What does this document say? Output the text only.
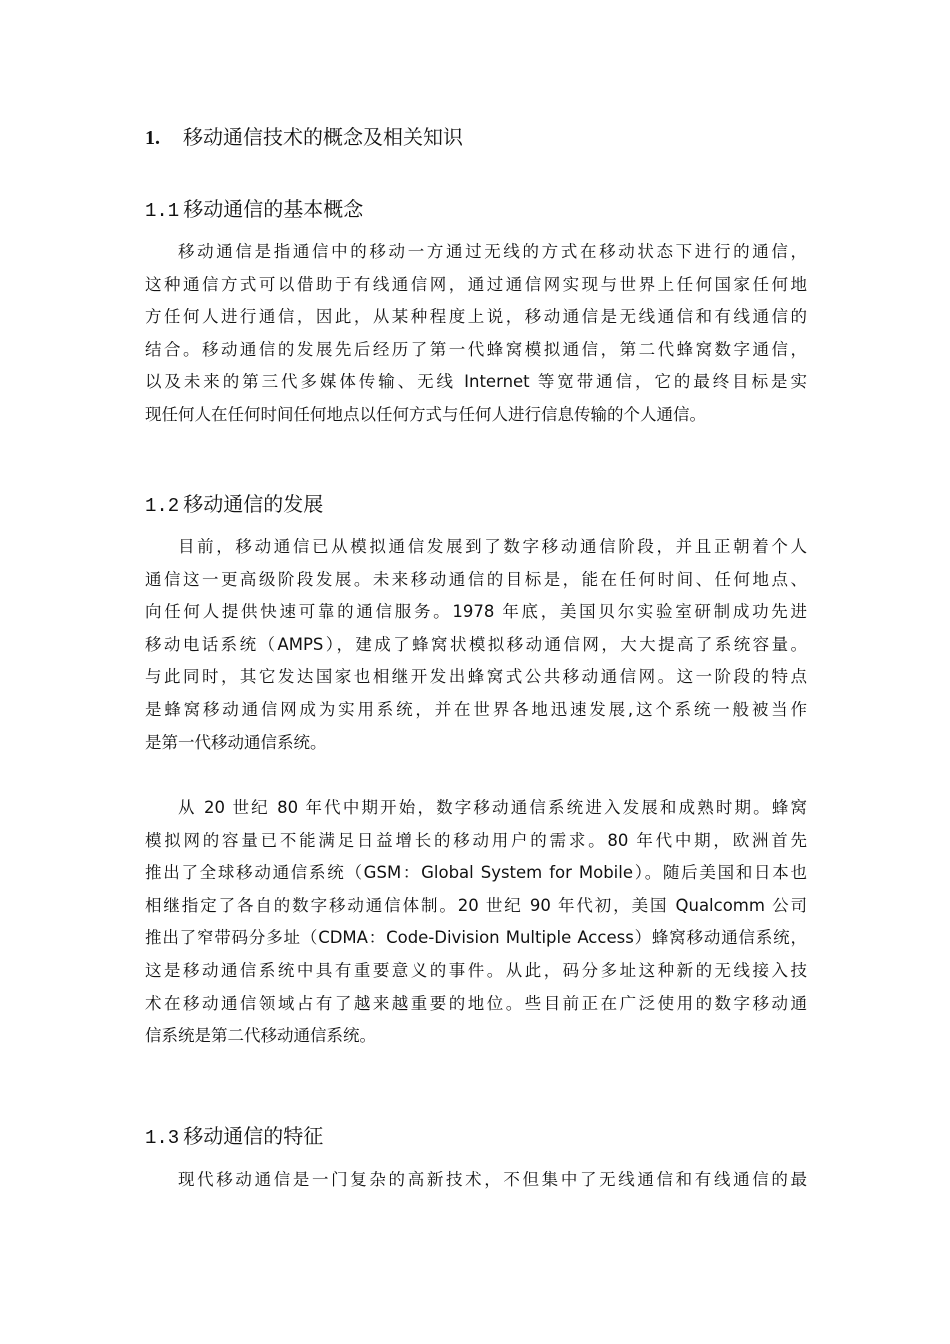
1. 移动通信技术的概念及相关知识
1.1 移动通信的基本概念
移动通信是指通信中的移动一方通过无线的方式在移动状态下进行的通信，
这种通信方式可以借助于有线通信网，通过通信网实现与世界上任何国家任何地
方任何人进行通信，因此，从某种程度上说，移动通信是无线通信和有线通信的
结合。移动通信的发展先后经历了第一代蜂窝模拟通信，第二代蜂窝数字通信，
以及未来的第三代多媒体传输、无线 Internet 等宽带通信，它的最终目标是实
现任何人在任何时间任何地点以任何方式与任何人进行信息传输的个人通信。
1.2 移动通信的发展
目前，移动通信已从模拟通信发展到了数字移动通信阶段，并且正朝着个人
通信这一更高级阶段发展。未来移动通信的目标是，能在任何时间、任何地点、
向任何人提供快速可靠的通信服务。1978 年底，美国贝尔实验室研制成功先进
移动电话系统（AMPS），建成了蜂窝状模拟移动通信网，大大提高了系统容量。
与此同时，其它发达国家也相继开发出蜂窝式公共移动通信网。这一阶段的特点
是蜂窝移动通信网成为实用系统，并在世界各地迅速发展,这个系统一般被当作
是第一代移动通信系统。
从 20 世纪 80 年代中期开始，数字移动通信系统进入发展和成熟时期。蜂窝
模拟网的容量已不能满足日益增长的移动用户的需求。80 年代中期，欧洲首先
推出了全球移动通信系统（GSM：Global System for Mobile）。随后美国和日本也
相继指定了各自的数字移动通信体制。20 世纪 90 年代初，美国 Qualcomm 公司
推出了窄带码分多址（CDMA：Code-Division Multiple Access）蜂窝移动通信系统，
这是移动通信系统中具有重要意义的事件。从此，码分多址这种新的无线接入技
术在移动通信领域占有了越来越重要的地位。些目前正在广泛使用的数字移动通
信系统是第二代移动通信系统。
1.3 移动通信的特征
现代移动通信是一门复杂的高新技术，不但集中了无线通信和有线通信的最
